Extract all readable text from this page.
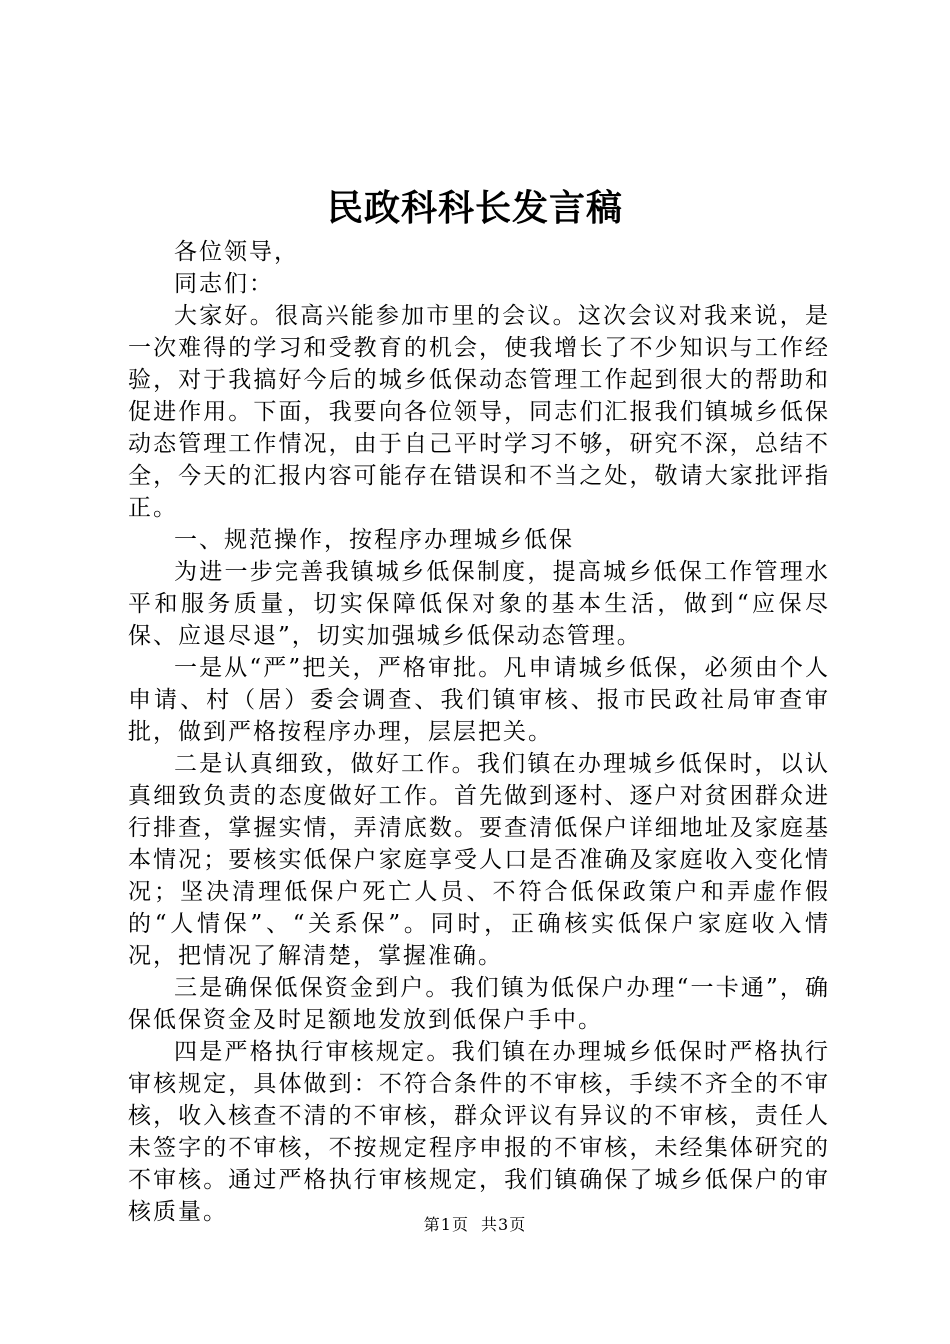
民政科科长发言稿

各位领导，

同志们：

大家好。很高兴能参加市里的会议。这次会议对我来说，是一次难得的学习和受教育的机会，使我增长了不少知识与工作经验，对于我搞好今后的城乡低保动态管理工作起到很大的帮助和促进作用。下面，我要向各位领导，同志们汇报我们镇城乡低保动态管理工作情况，由于自己平时学习不够，研究不深，总结不全，今天的汇报内容可能存在错误和不当之处，敬请大家批评指正。

一、规范操作，按程序办理城乡低保

为进一步完善我镇城乡低保制度，提高城乡低保工作管理水平和服务质量，切实保障低保对象的基本生活，做到“应保尽保、应退尽退”，切实加强城乡低保动态管理。

一是从“严”把关，严格审批。凡申请城乡低保，必须由个人申请、村（居）委会调查、我们镇审核、报市民政社局审查审批，做到严格按程序办理，层层把关。

二是认真细致，做好工作。我们镇在办理城乡低保时，以认真细致负责的态度做好工作。首先做到逐村、逐户对贫困群众进行排查，掌握实情，弄清底数。要查清低保户详细地址及家庭基本情况；要核实低保户家庭享受人口是否准确及家庭收入变化情况；坚决清理低保户死亡人员、不符合低保政策户和弄虚作假的“人情保”、“关系保”。同时，正确核实低保户家庭收入情况，把情况了解清楚，掌握准确。

三是确保低保资金到户。我们镇为低保户办理“一卡通”，确保低保资金及时足额地发放到低保户手中。

四是严格执行审核规定。我们镇在办理城乡低保时严格执行审核规定，具体做到：不符合条件的不审核，手续不齐全的不审核，收入核查不清的不审核，群众评议有异议的不审核，责任人未签字的不审核，不按规定程序申报的不审核，未经集体研究的不审核。通过严格执行审核规定，我们镇确保了城乡低保户的审核质量。	第1页 共3页
